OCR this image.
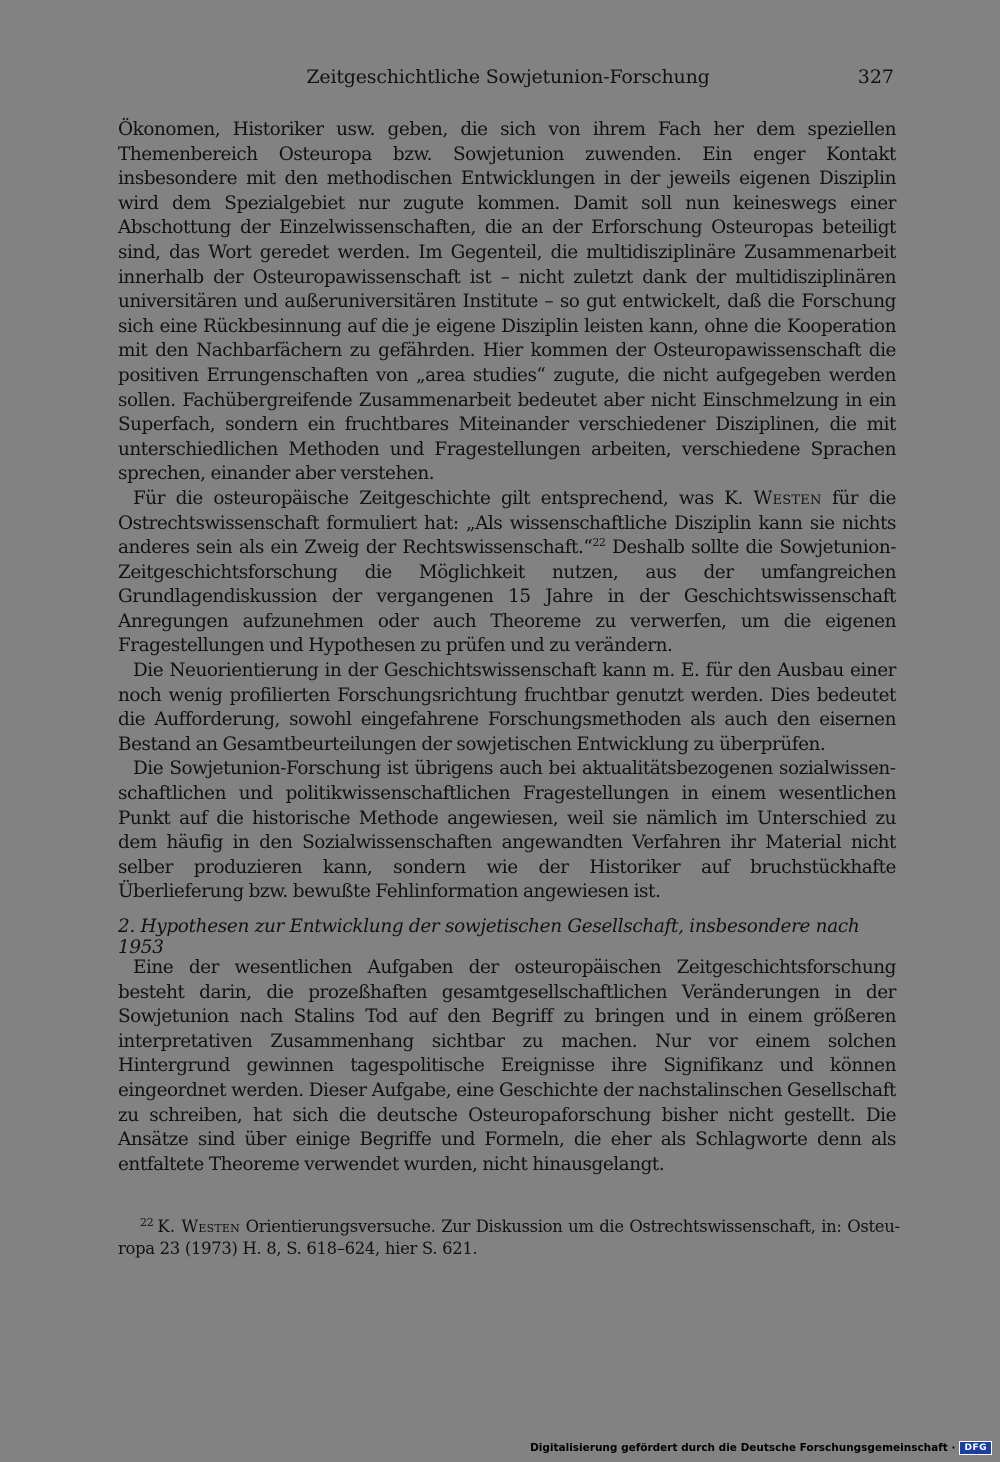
Zeitgeschichtliche Sowjetunion-Forschung	327

Ökonomen, Historiker usw. geben, die sich von ihrem Fach her dem speziellen Themenbereich Osteuropa bzw. Sowjetunion zuwenden. Ein enger Kontakt insbesondere mit den methodischen Entwicklungen in der jeweils eigenen Disziplin wird dem Spezialgebiet nur zugute kommen. Damit soll nun keineswegs einer Abschottung der Einzelwissenschaften, die an der Erforschung Osteuropas beteiligt sind, das Wort geredet werden. Im Gegenteil, die multidisziplinäre Zusammenarbeit innerhalb der Osteuropawissenschaft ist – nicht zuletzt dank der multidisziplinären universitären und außeruniversitären Institute – so gut entwickelt, daß die Forschung sich eine Rückbesinnung auf die je eigene Disziplin leisten kann, ohne die Kooperation mit den Nachbarfächern zu gefährden. Hier kommen der Osteuropawissenschaft die positiven Errungenschaften von „area studies“ zugute, die nicht aufgegeben werden sollen. Fachübergreifende Zusammenarbeit bedeutet aber nicht Einschmelzung in ein Superfach, sondern ein fruchtbares Miteinander verschiedener Disziplinen, die mit unterschiedlichen Methoden und Fragestellungen arbeiten, verschiedene Sprachen sprechen, einander aber verstehen.

Für die osteuropäische Zeitgeschichte gilt entsprechend, was K. Westen für die Ostrechtswissenschaft formuliert hat: „Als wissenschaftliche Disziplin kann sie nichts anderes sein als ein Zweig der Rechtswissenschaft.“$^{22}$ Deshalb sollte die Sowjetunion-Zeitgeschichtsforschung die Möglichkeit nutzen, aus der umfangreichen Grundlagendiskussion der vergangenen 15 Jahre in der Geschichtswissenschaft Anregungen aufzunehmen oder auch Theoreme zu verwerfen, um die eigenen Fragestellungen und Hypothesen zu prüfen und zu verändern.

Die Neuorientierung in der Geschichtswissenschaft kann m. E. für den Ausbau einer noch wenig profilierten Forschungsrichtung fruchtbar genutzt werden. Dies bedeutet die Aufforderung, sowohl eingefahrene Forschungsmethoden als auch den eisernen Bestand an Gesamtbeurteilungen der sowjetischen Entwicklung zu überprüfen.

Die Sowjetunion-Forschung ist übrigens auch bei aktualitätsbezogenen sozialwissenschaftlichen und politikwissenschaftlichen Fragestellungen in einem wesentlichen Punkt auf die historische Methode angewiesen, weil sie nämlich im Unterschied zu dem häufig in den Sozialwissenschaften angewandten Verfahren ihr Material nicht selber produzieren kann, sondern wie der Historiker auf bruchstückhafte Überlieferung bzw. bewußte Fehlinformation angewiesen ist.

2. Hypothesen zur Entwicklung der sowjetischen Gesellschaft, insbesondere nach 1953

Eine der wesentlichen Aufgaben der osteuropäischen Zeitgeschichtsforschung besteht darin, die prozeßhaften gesamtgesellschaftlichen Veränderungen in der Sowjetunion nach Stalins Tod auf den Begriff zu bringen und in einem größeren interpretativen Zusammenhang sichtbar zu machen. Nur vor einem solchen Hintergrund gewinnen tagespolitische Ereignisse ihre Signifikanz und können eingeordnet werden. Dieser Aufgabe, eine Geschichte der nachstalinschen Gesellschaft zu schreiben, hat sich die deutsche Osteuropaforschung bisher nicht gestellt. Die Ansätze sind über einige Begriffe und Formeln, die eher als Schlagworte denn als entfaltete Theoreme verwendet wurden, nicht hinausgelangt.

$^{22}$ K. Westen Orientierungsversuche. Zur Diskussion um die Ostrechtswissenschaft, in: Osteuropa 23 (1973) H. 8, S. 618–624, hier S. 621.

Digitalisierung gefördert durch die Deutsche Forschungsgemeinschaft ·	DFG
